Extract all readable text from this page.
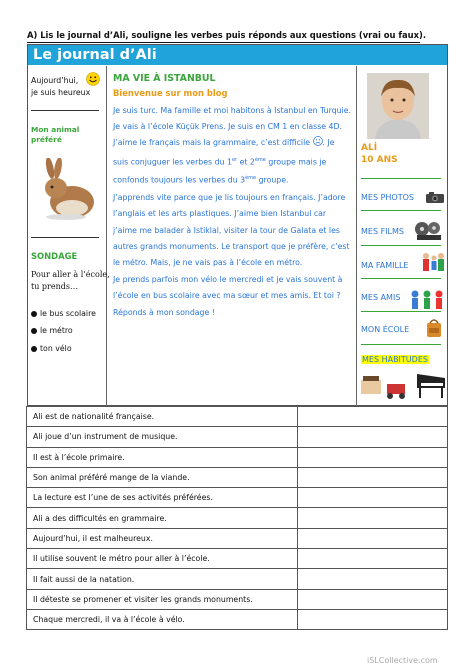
A) Lis le journal d’Ali, souligne les verbes puis réponds aux questions (vrai ou faux).
Le journal d’Ali
Aujourd’hui,
je suis heureux
Mon animal
préféré
SONDAGE
Pour aller à l’école,
tu prends…
le bus scolaire
le métro
ton vélo
MA VIE À ISTANBUL
Bienvenue sur mon blog

Je suis turc. Ma famille et moi habitons à Istanbul en Turquie. Je vais à l’école Küçük Prens. Je suis en CM 1 en classe 4D. J’aime le français mais la grammaire, c’est difficile . Je suis conjuguer les verbes du 1er et 2ème groupe mais je confonds toujours les verbes du 3ème groupe.

J’apprends vite parce que je lis toujours en français. J’adore l’anglais et les arts plastiques. J’aime bien Istanbul car j’aime me balader à Istiklal, visiter la tour de Galata et les autres grands monuments. Le transport que je préfère, c’est le métro. Mais, je ne vais pas à l’école en métro.

Je prends parfois mon vélo le mercredi et je vais souvent à l’école en bus scolaire avec ma sœur et mes amis. Et toi ? Réponds à mon sondage !

ALİ
10 ANS
MES PHOTOS
MES FILMS
MA FAMILLE
MES AMIS
MON ÉCOLE
MES HABITUDES
Ali est de nationalité française.	
Ali joue d’un instrument de musique.	
Il est à l’école primaire.	
Son animal préféré mange de la viande.	
La lecture est l’une de ses activités préférées.	
Ali a des difficultés en grammaire.	
Aujourd’hui, il est malheureux.	
Il utilise souvent le métro pour aller à l’école.	
Il fait aussi de la natation.	
Il déteste se promener et visiter les grands monuments.	
Chaque mercredi, il va à l’école à vélo.	
iSLCollective.com
